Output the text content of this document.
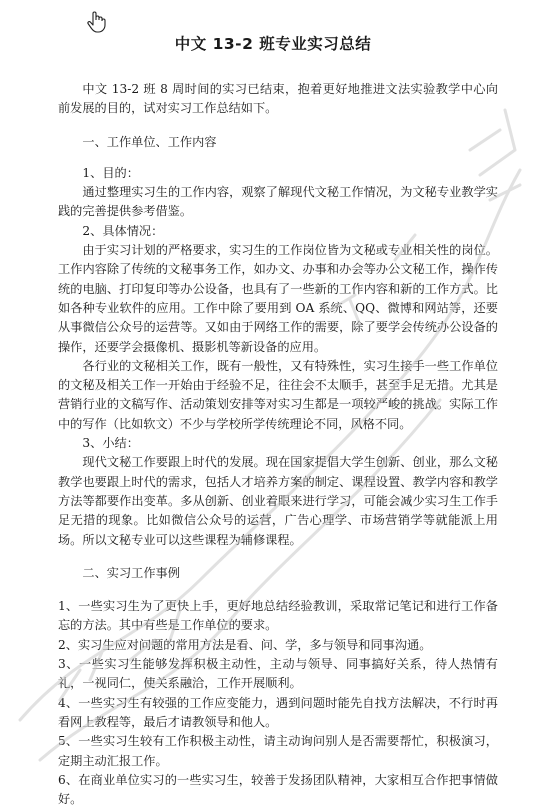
中文 13-2 班专业实习总结

中文 13-2 班 8 周时间的实习已结束，抱着更好地推进文法实验教学中心向前发展的目的，试对实习工作总结如下。

一、工作单位、工作内容

1、目的：

通过整理实习生的工作内容，观察了解现代文秘工作情况，为文秘专业教学实践的完善提供参考借鉴。

2、具体情况：

由于实习计划的严格要求，实习生的工作岗位皆为文秘或专业相关性的岗位。工作内容除了传统的文秘事务工作，如办文、办事和办会等办公文秘工作，操作传统的电脑、打印复印等办公设备，也具有了一些新的工作内容和新的工作方式。比如各种专业软件的应用。工作中除了要用到 OA 系统、QQ、微博和网站等，还要从事微信公众号的运营等。又如由于网络工作的需要，除了要学会传统办公设备的操作，还要学会摄像机、摄影机等新设备的应用。

各行业的文秘相关工作，既有一般性，又有特殊性，实习生接手一些工作单位的文秘及相关工作一开始由于经验不足，往往会不太顺手，甚至手足无措。尤其是营销行业的文稿写作、活动策划安排等对实习生都是一项较严峻的挑战。实际工作中的写作（比如软文）不少与学校所学传统理论不同，风格不同。

3、小结：

现代文秘工作要跟上时代的发展。现在国家提倡大学生创新、创业，那么文秘教学也要跟上时代的需求，包括人才培养方案的制定、课程设置、教学内容和教学方法等都要作出变革。多从创新、创业着眼来进行学习，可能会减少实习生工作手足无措的现象。比如微信公众号的运营，广告心理学、市场营销学等就能派上用场。所以文秘专业可以这些课程为辅修课程。

二、实习工作事例

1、一些实习生为了更快上手，更好地总结经验教训，采取常记笔记和进行工作备忘的方法。其中有些是工作单位的要求。

2、实习生应对问题的常用方法是看、问、学，多与领导和同事沟通。

3、一些实习生能够发挥积极主动性，主动与领导、同事搞好关系，待人热情有礼，一视同仁，使关系融洽，工作开展顺利。

4、一些实习生有较强的工作应变能力，遇到问题时能先自找方法解决，不行时再看网上教程等，最后才请教领导和他人。

5、一些实习生较有工作积极主动性，请主动询问别人是否需要帮忙，积极演习，定期主动汇报工作。

6、在商业单位实习的一些实习生，较善于发扬团队精神，大家相互合作把事情做好。
